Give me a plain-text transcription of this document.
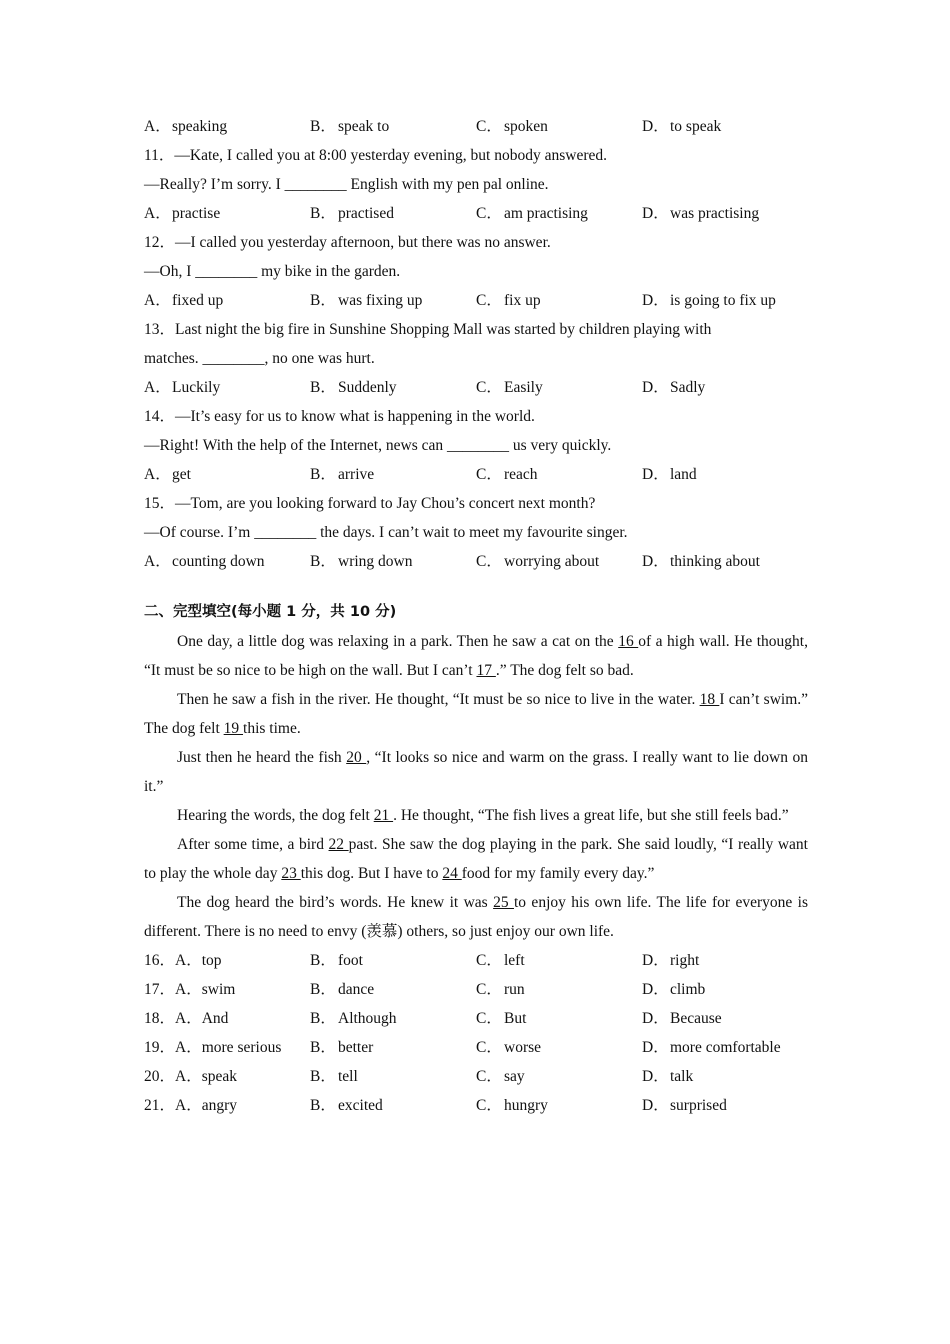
A．speaking	B． speak to	C． spoken	D．to speak
11．—Kate, I called you at 8:00 yesterday evening, but nobody answered.
—Really? I’m sorry. I ________ English with my pen pal online.
A．practise	B． practised	C． am practising	D．was practising
12．—I called you yesterday afternoon, but there was no answer.
—Oh, I ________ my bike in the garden.
A．fixed up	B． was fixing up	C． fix up	D．is going to fix up
13．Last night the big fire in Sunshine Shopping Mall was started by children playing with
matches. ________, no one was hurt.
A．Luckily	B． Suddenly	C． Easily	D．Sadly
14．—It’s easy for us to know what is happening in the world.
—Right! With the help of the Internet, news can ________ us very quickly.
A．get	B． arrive	C． reach	D．land
15．—Tom, are you looking forward to Jay Chou’s concert next month?
—Of course. I’m ________ the days. I can’t wait to meet my favourite singer.
A．counting down	B． wring down	C． worrying about	D．thinking about
二、完型填空(每小题 1 分，共 10 分)
One day, a little dog was relaxing in a park. Then he saw a cat on the 16 of a high wall. He thought, “It must be so nice to be high on the wall. But I can’t 17 .” The dog felt so bad.
Then he saw a fish in the river. He thought, “It must be so nice to live in the water. 18 I can’t swim.” The dog felt 19 this time.
Just then he heard the fish 20 , “It looks so nice and warm on the grass. I really want to lie down on it.”
Hearing the words, the dog felt 21 . He thought, “The fish lives a great life, but she still feels bad.”
After some time, a bird 22 past. She saw the dog playing in the park. She said loudly, “I really want to play the whole day 23 this dog. But I have to 24 food for my family every day.”
The dog heard the bird’s words. He knew it was 25 to enjoy his own life. The life for everyone is different. There is no need to envy (羡慕) others, so just enjoy our own life.
16．A．top	B． foot	C． left	D．right
17．A．swim	B． dance	C． run	D．climb
18．A．And	B． Although	C． But	D．Because
19．A．more serious	B． better	C． worse	D．more comfortable
20．A．speak	B． tell	C． say	D．talk
21．A．angry	B． excited	C． hungry	D．surprised
